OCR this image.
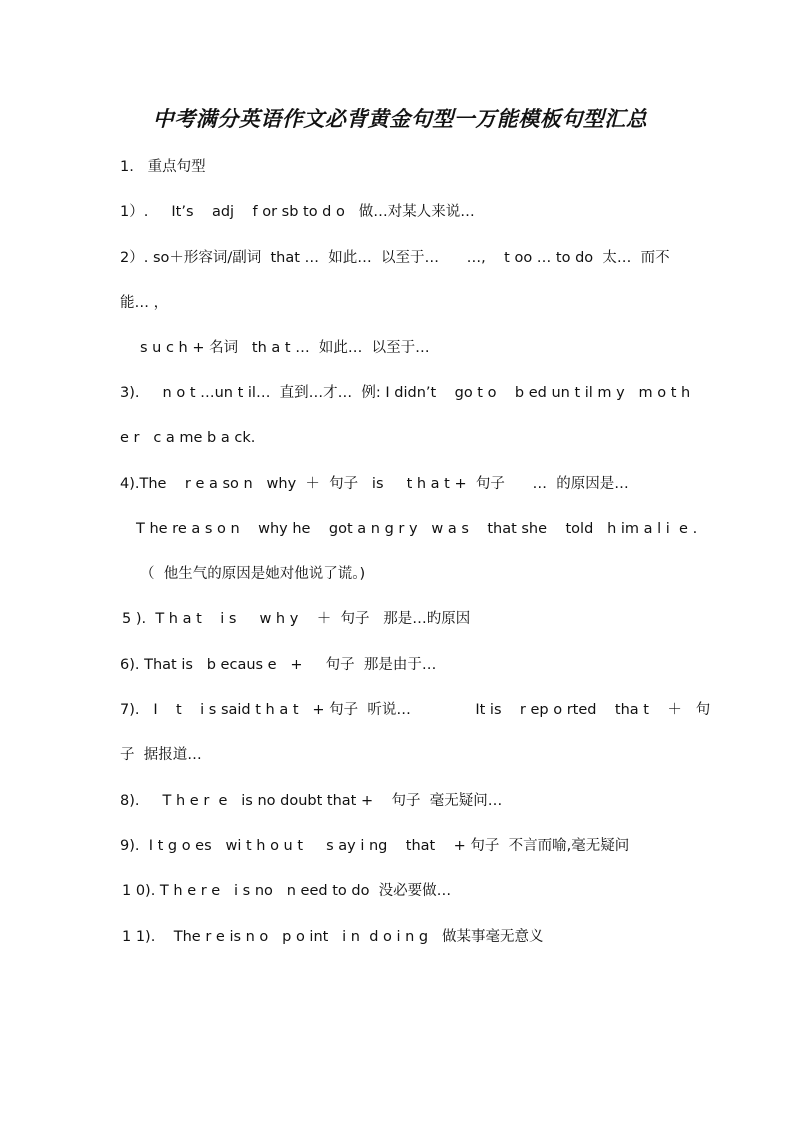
中考满分英语作文必背黄金句型一万能模板句型汇总
1.   重点句型
1）.     It’s    adj    f or sb to d o   做…对某人来说…
2）. so＋形容词/副词  that …  如此…  以至于…      …,    t oo … to do  太…  而不
能… ，
s u c h + 名词   th a t …  如此…  以至于…
3).     n o t …un t il…  直到…才…  例: I didn’t    go t o    b ed un t il m y   m o t h
e r   c a me b a ck.
4).The    r e a so n   why  ＋  句子   is     t h a t +  句子      …  的原因是…
T he re a s o n    why he    got a n g r y   w a s    that she    told   h im a l i  e .
（  他生气的原因是她对他说了谎。)
5 ).  T h a t    i s     w h y    ＋  句子   那是…旳原因
6). That is   b ecaus e   +     句子  那是由于…
7).   I    t    i s said t h a t   + 句子  听说…              It is    r ep o rted    tha t    ＋   句
子  据报道…
8).     T h e r  e   is no doubt that +    句子  毫无疑问…
9).  I t g o es   wi t h o u t     s ay i ng    that    + 句子  不言而喻,毫无疑问
1 0). T h e r e   i s no   n eed to do  没必要做…
1 1).    The r e is n o   p o int   i n  d o i n g   做某事毫无意义
